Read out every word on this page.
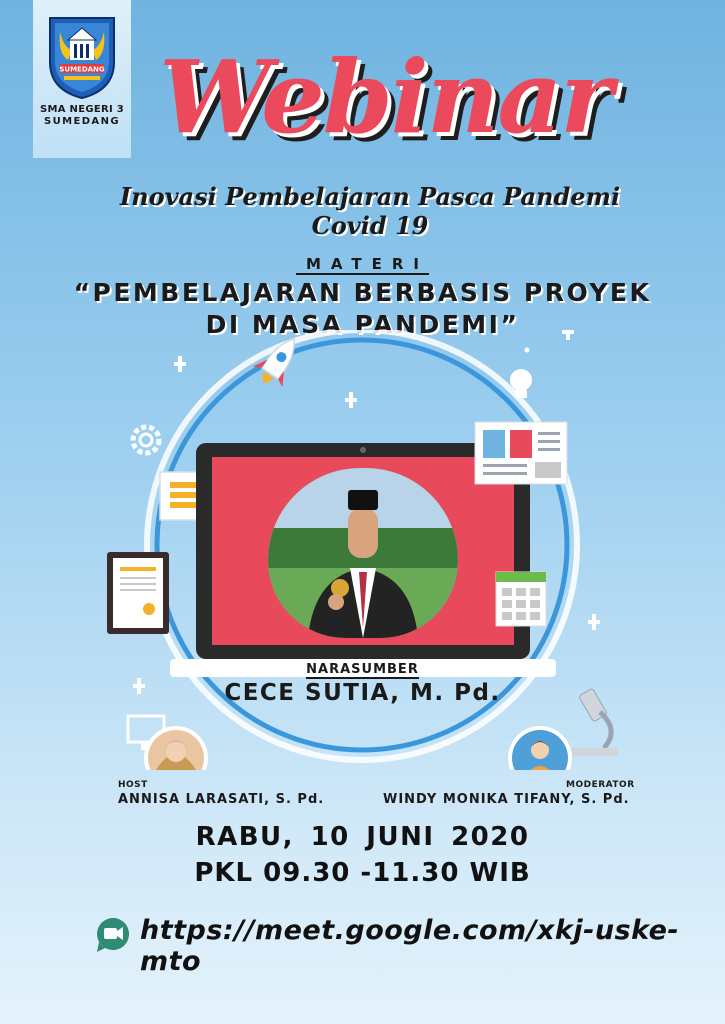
SUMEDANG
SMA NEGERI 3
SUMEDANG Webinar
Inovasi Pembelajaran Pasca Pandemi Covid 19
MATERI
“PEMBELAJARAN BERBASIS PROYEK
DI MASA PANDEMI”
NARASUMBER
CECE SUTIA, M. Pd.
HOST
ANNISA LARASATI, S. Pd.
MODERATOR
WINDY MONIKA TIFANY, S. Pd.
RABU, 10 JUNI 2020
PKL 09.30 -11.30 WIB
https://meet.google.com/xkj-uske-mto
